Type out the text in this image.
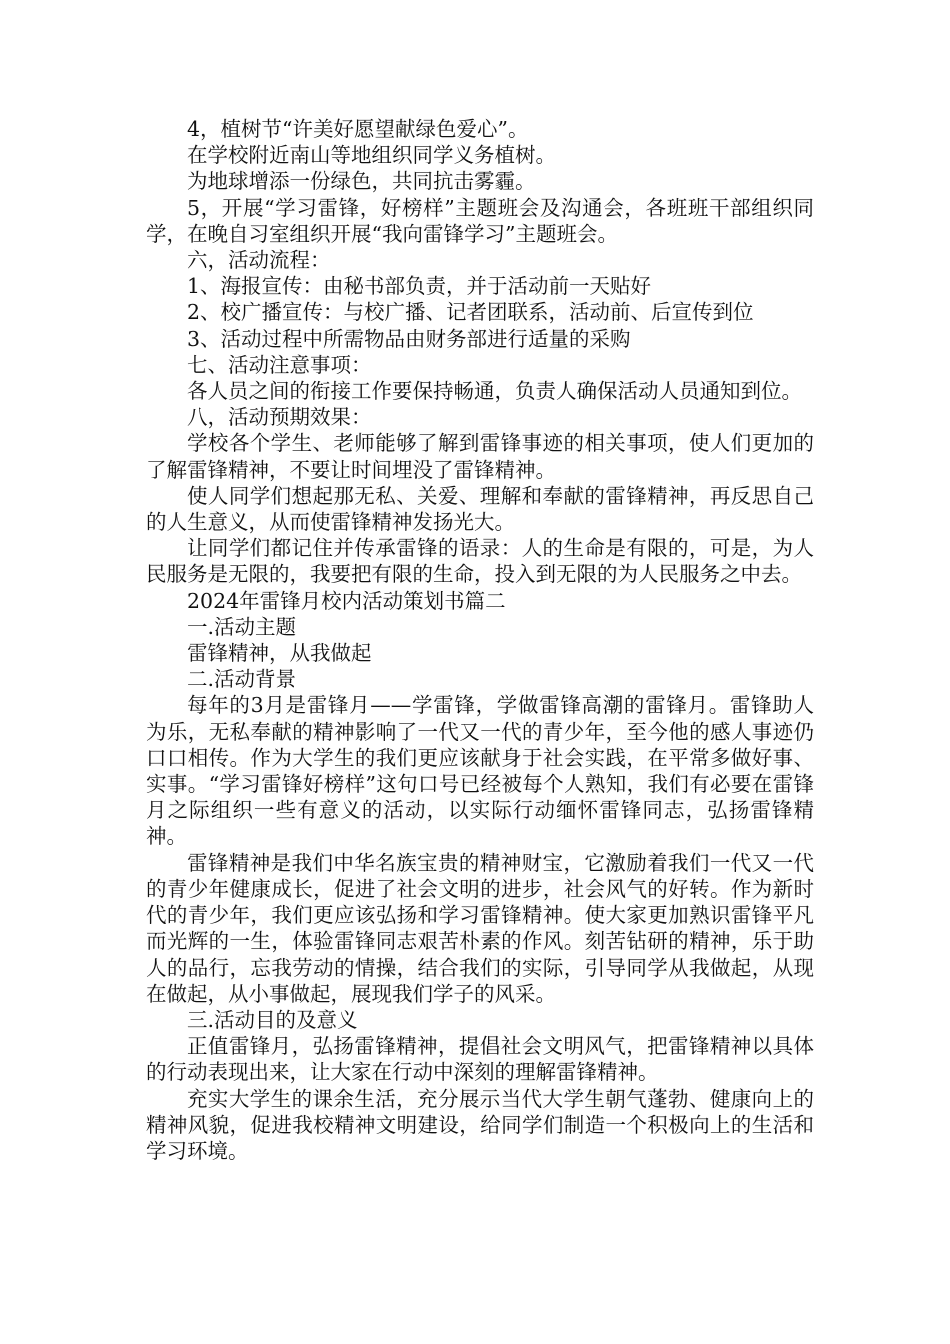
4，植树节“许美好愿望献绿色爱心”。

在学校附近南山等地组织同学义务植树。

为地球增添一份绿色，共同抗击雾霾。

5，开展“学习雷锋，好榜样”主题班会及沟通会，各班班干部组织同学，在晚自习室组织开展“我向雷锋学习”主题班会。

六，活动流程：

1、海报宣传：由秘书部负责，并于活动前一天贴好

2、校广播宣传：与校广播、记者团联系，活动前、后宣传到位

3、活动过程中所需物品由财务部进行适量的采购

七、活动注意事项：

各人员之间的衔接工作要保持畅通，负责人确保活动人员通知到位。

八，活动预期效果：

学校各个学生、老师能够了解到雷锋事迹的相关事项，使人们更加的了解雷锋精神，不要让时间埋没了雷锋精神。

使人同学们想起那无私、关爱、理解和奉献的雷锋精神，再反思自己的人生意义，从而使雷锋精神发扬光大。

让同学们都记住并传承雷锋的语录：人的生命是有限的，可是，为人民服务是无限的，我要把有限的生命，投入到无限的为人民服务之中去。

2024年雷锋月校内活动策划书篇二

一.活动主题

雷锋精神，从我做起

二.活动背景

每年的3月是雷锋月——学雷锋，学做雷锋高潮的雷锋月。雷锋助人为乐，无私奉献的精神影响了一代又一代的青少年，至今他的感人事迹仍口口相传。作为大学生的我们更应该献身于社会实践，在平常多做好事、实事。“学习雷锋好榜样”这句口号已经被每个人熟知，我们有必要在雷锋月之际组织一些有意义的活动，以实际行动缅怀雷锋同志，弘扬雷锋精神。

雷锋精神是我们中华名族宝贵的精神财宝，它激励着我们一代又一代的青少年健康成长，促进了社会文明的进步，社会风气的好转。作为新时代的青少年，我们更应该弘扬和学习雷锋精神。使大家更加熟识雷锋平凡而光辉的一生，体验雷锋同志艰苦朴素的作风。刻苦钻研的精神，乐于助人的品行，忘我劳动的情操，结合我们的实际，引导同学从我做起，从现在做起，从小事做起，展现我们学子的风采。

三.活动目的及意义

正值雷锋月，弘扬雷锋精神，提倡社会文明风气，把雷锋精神以具体的行动表现出来，让大家在行动中深刻的理解雷锋精神。

充实大学生的课余生活，充分展示当代大学生朝气蓬勃、健康向上的精神风貌，促进我校精神文明建设，给同学们制造一个积极向上的生活和学习环境。
